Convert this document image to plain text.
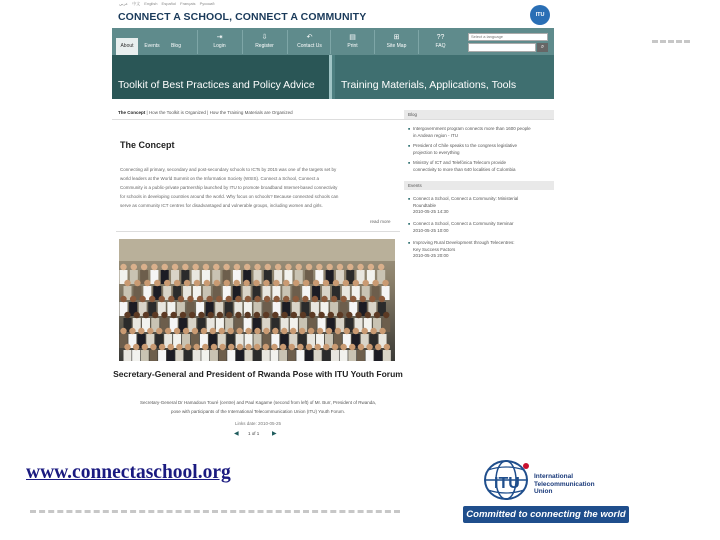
عربي 中文 English Español Français Русский
CONNECT A SCHOOL, CONNECT A COMMUNITY	ITU
About	Events	Blog
⇥
Login
⇩
Register
↶
Contact Us
▤
Print
⊞
Site Map
??
FAQ
Select a language
⌕
Toolkit of Best Practices and Policy Advice	Training Materials, Applications, Tools
The Concept | How the Toolkit is Organized | How the Training Materials are Organized
The Concept
Connecting all primary, secondary and post-secondary schools to ICTs by 2015 was one of the targets set by
world leaders at the World Summit on the Information Society (WSIS). Connect a School, Connect a
Community is a public-private partnership launched by ITU to promote broadband Internet-based connectivity
for schools in developing countries around the world. Why focus on schools? Because connected schools can
serve as community ICT centres for disadvantaged and vulnerable groups, including women and girls.
read more
Secretary-General and President of Rwanda Pose with ITU Youth Forum
Secretary-General Dr Hamadoun Touré (centre) and Paul Kagame (second from left) of Mr. Burr, President of Rwanda,
pose with participants of the International Telecommunication Union (ITU) Youth Forum.
Links date: 2010-05-25
◀ 1 of 1 ▶
Blog
■ Intergovernment program connects more than 1600 people
in Andean region - ITU
■ President of Chile speaks to the congress legislative
projection to everything
■ Ministry of ICT and Telefónica Telecom provide
connectivity to more than 640 localities of Colombia
Events
■ Connect a School, Connect a Community: Ministerial
Roundtable
2010-05-25 14:30
■ Connect a School, Connect a Community Seminar
2010-05-25 10:00
■ Improving Rural Development through Telecentres:
Key Success Factors
2010-05-25 20:00
www.connectaschool.org
ITU International
Telecommunication
Union
Committed to connecting the world
